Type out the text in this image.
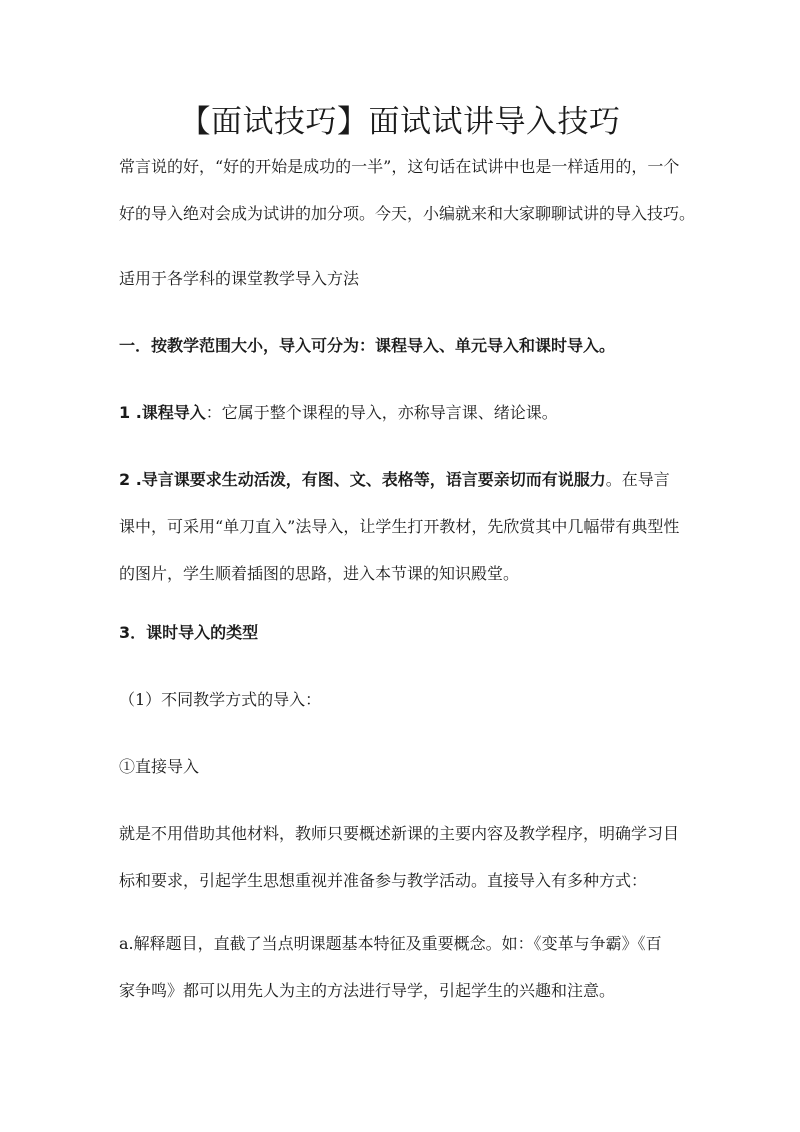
【面试技巧】面试试讲导入技巧

常言说的好，“好的开始是成功的一半”，这句话在试讲中也是一样适用的，一个
好的导入绝对会成为试讲的加分项。今天，小编就来和大家聊聊试讲的导入技巧。

适用于各学科的课堂教学导入方法

一．按教学范围大小，导入可分为：课程导入、单元导入和课时导入。

1 .课程导入：它属于整个课程的导入，亦称导言课、绪论课。

2 .导言课要求生动活泼，有图、文、表格等，语言要亲切而有说服力。在导言
课中，可采用“单刀直入”法导入，让学生打开教材，先欣赏其中几幅带有典型性
的图片，学生顺着插图的思路，进入本节课的知识殿堂。

3．课时导入的类型

（1）不同教学方式的导入：

①直接导入

就是不用借助其他材料，教师只要概述新课的主要内容及教学程序，明确学习目
标和要求，引起学生思想重视并准备参与教学活动。直接导入有多种方式：

a.解释题目，直截了当点明课题基本特征及重要概念。如：《变革与争霸》《百
家争鸣》都可以用先人为主的方法进行导学，引起学生的兴趣和注意。
